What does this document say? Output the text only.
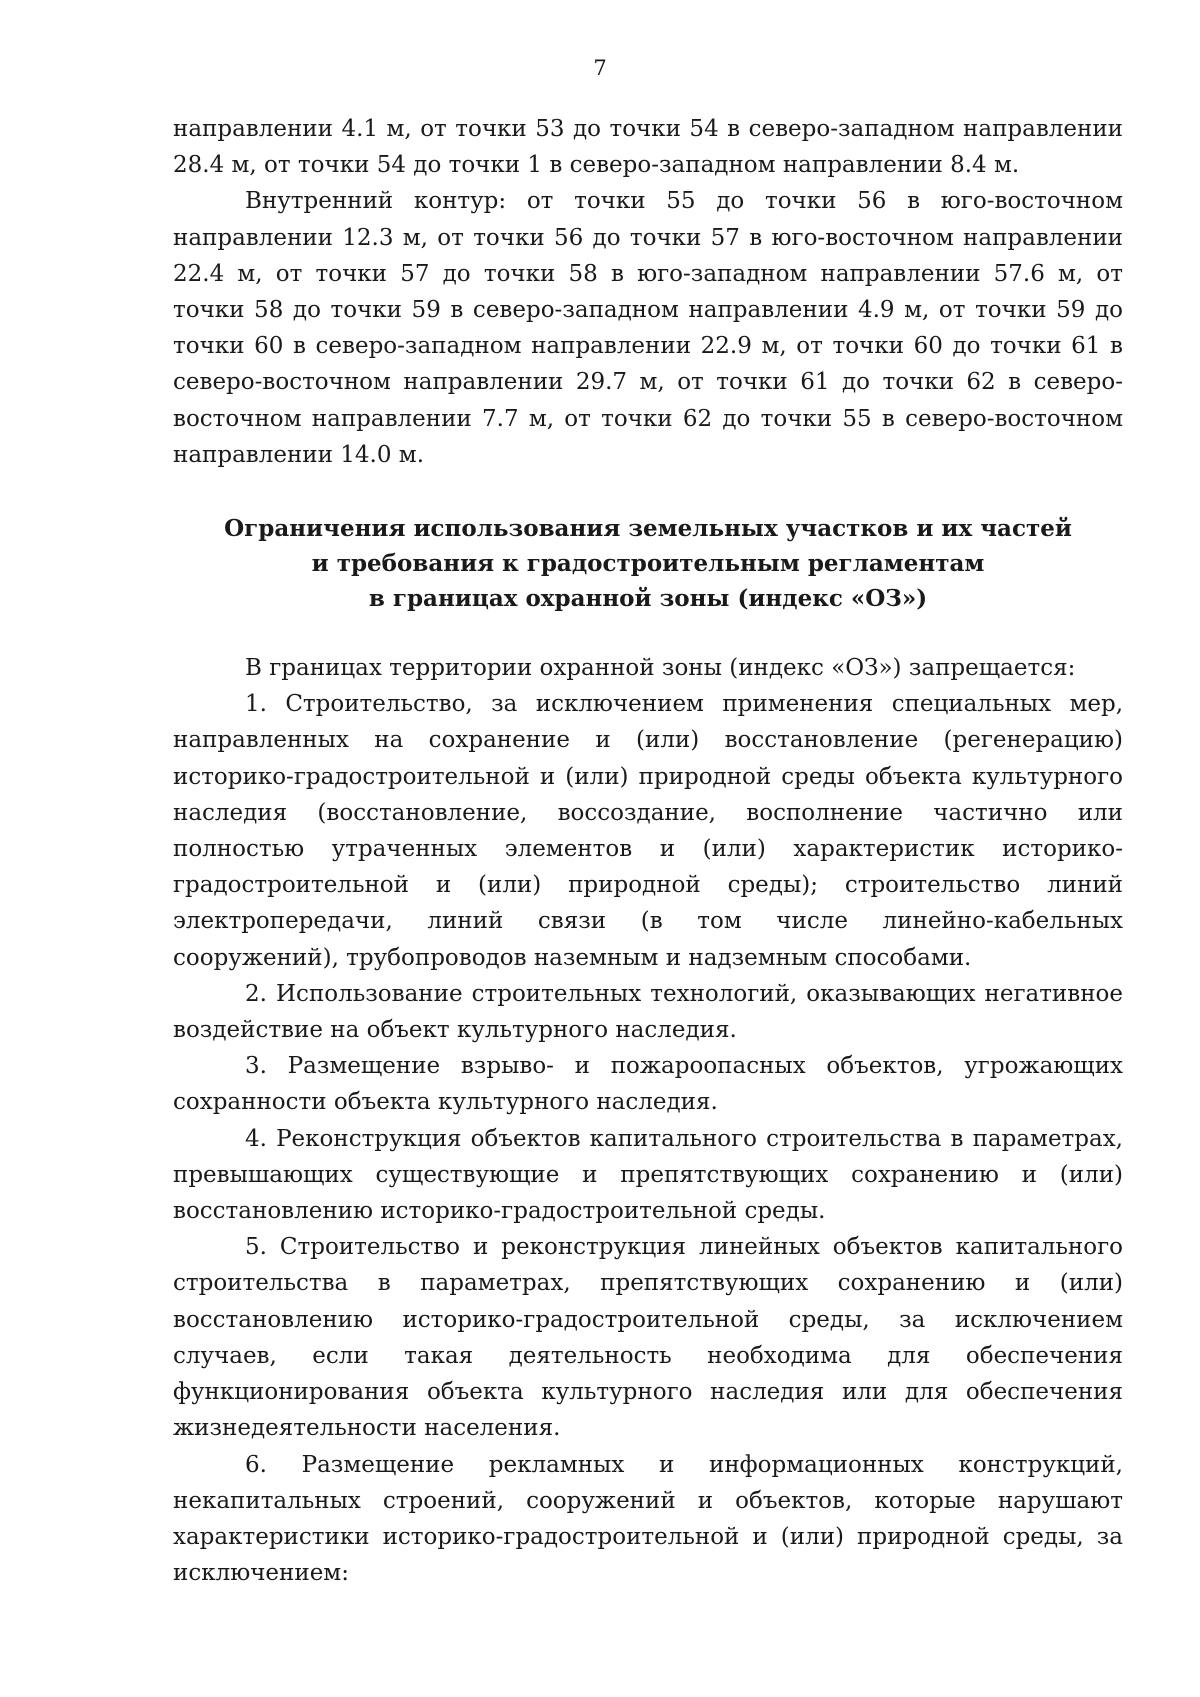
7

направлении 4.1 м, от точки 53 до точки 54 в северо-западном направлении 28.4 м, от точки 54 до точки 1 в северо-западном направлении 8.4 м.

Внутренний контур: от точки 55 до точки 56 в юго-восточном направлении 12.3 м, от точки 56 до точки 57 в юго-восточном направлении 22.4 м, от точки 57 до точки 58 в юго-западном направлении 57.6 м, от точки 58 до точки 59 в северо-западном направлении 4.9 м, от точки 59 до точки 60 в северо-западном направлении 22.9 м, от точки 60 до точки 61 в северо-восточном направлении 29.7 м, от точки 61 до точки 62 в северо-восточном направлении 7.7 м, от точки 62 до точки 55 в северо-восточном направлении 14.0 м.

Ограничения использования земельных участков и их частей
и требования к градостроительным регламентам
в границах охранной зоны (индекс «ОЗ»)

В границах территории охранной зоны (индекс «ОЗ») запрещается:

1. Строительство, за исключением применения специальных мер, направленных на сохранение и (или) восстановление (регенерацию) историко-градостроительной и (или) природной среды объекта культурного наследия (восстановление, воссоздание, восполнение частично или полностью утраченных элементов и (или) характеристик историко-градостроительной и (или) природной среды); строительство линий электропередачи, линий связи (в том числе линейно-кабельных сооружений), трубопроводов наземным и надземным способами.

2. Использование строительных технологий, оказывающих негативное воздействие на объект культурного наследия.

3. Размещение взрыво- и пожароопасных объектов, угрожающих сохранности объекта культурного наследия.

4. Реконструкция объектов капитального строительства в параметрах, превышающих существующие и препятствующих сохранению и (или) восстановлению историко-градостроительной среды.

5. Строительство и реконструкция линейных объектов капитального строительства в параметрах, препятствующих сохранению и (или) восстановлению историко-градостроительной среды, за исключением случаев, если такая деятельность необходима для обеспечения функционирования объекта культурного наследия или для обеспечения жизнедеятельности населения.

6. Размещение рекламных и информационных конструкций, некапитальных строений, сооружений и объектов, которые нарушают характеристики историко-градостроительной и (или) природной среды, за исключением:
